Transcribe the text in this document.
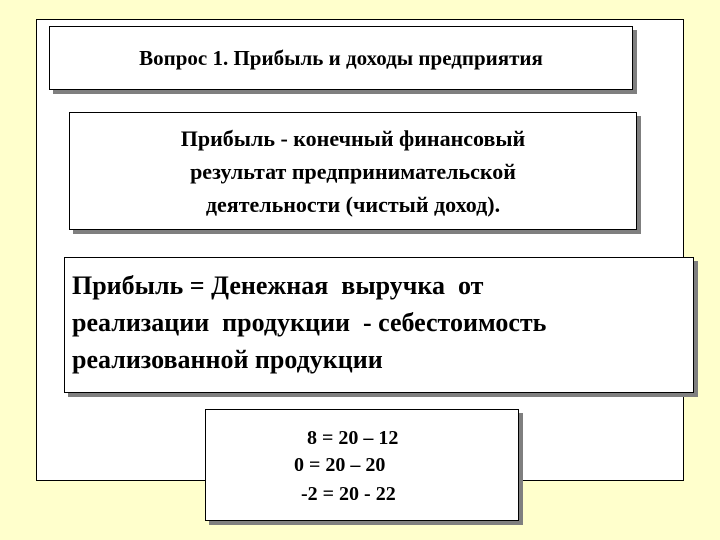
Вопрос 1. Прибыль и доходы предприятия
Прибыль - конечный финансовый
результат предпринимательской
деятельности (чистый доход).
Прибыль = Денежная  выручка  от
реализации  продукции  - себестоимость
реализованной продукции
8 = 20 – 12
0 = 20 – 20
-2 = 20 - 22
